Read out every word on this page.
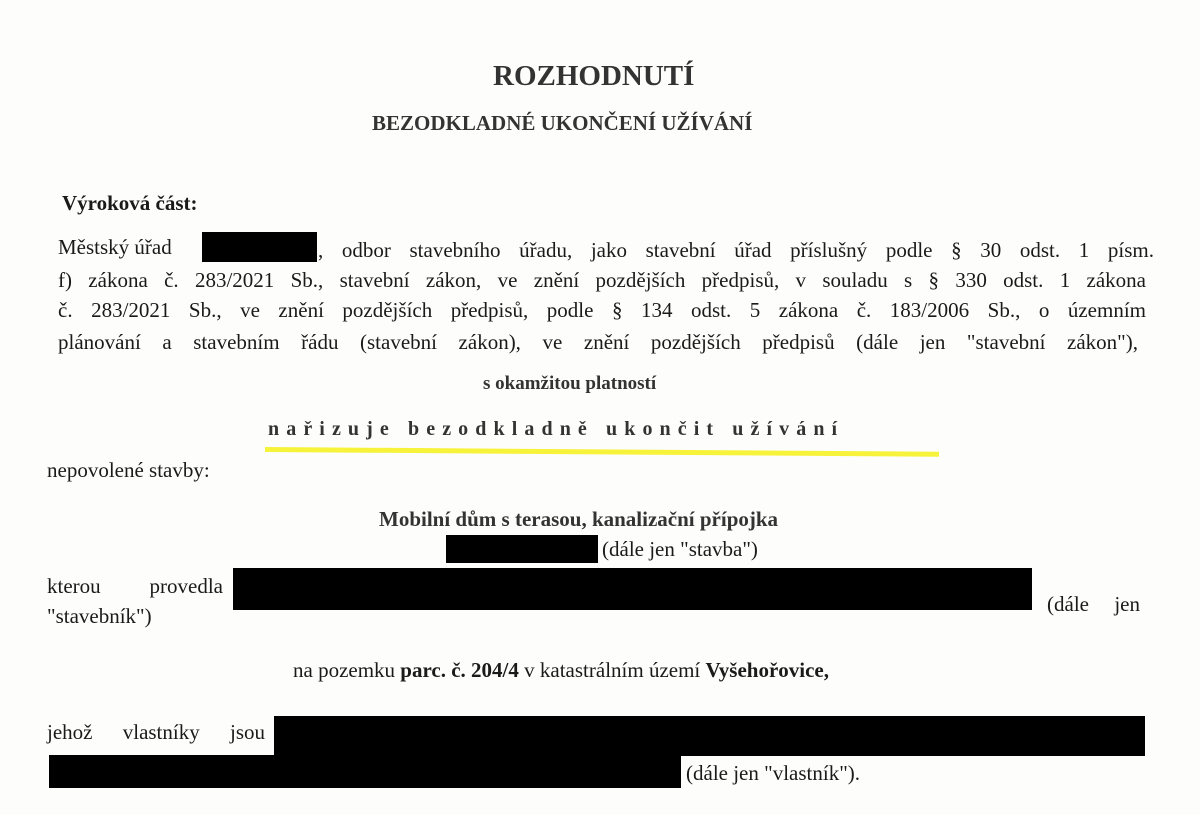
ROZHODNUTÍ
BEZODKLADNÉ UKONČENÍ UŽÍVÁNÍ
Výroková část:
Městský úřad	, odbor stavebního úřadu, jako stavební úřad příslušný podle § 30 odst. 1 písm.
f) zákona č. 283/2021 Sb., stavební zákon, ve znění pozdějších předpisů, v souladu s § 330 odst. 1 zákona
č. 283/2021 Sb., ve znění pozdějších předpisů, podle § 134 odst. 5 zákona č. 183/2006 Sb., o územním
plánování a stavebním řádu (stavební zákon), ve znění pozdějších předpisů (dále jen "stavební zákon"),
s okamžitou platností
nařizuje bezodkladně ukončit užívání
nepovolené stavby:
Mobilní dům s terasou, kanalizační přípojka
(dále jen "stavba")
kterou provedla
(dále jen
"stavebník")
na pozemku parc. č. 204/4 v katastrálním území Vyšehořovice,
jehož vlastníky jsou
(dále jen "vlastník").
